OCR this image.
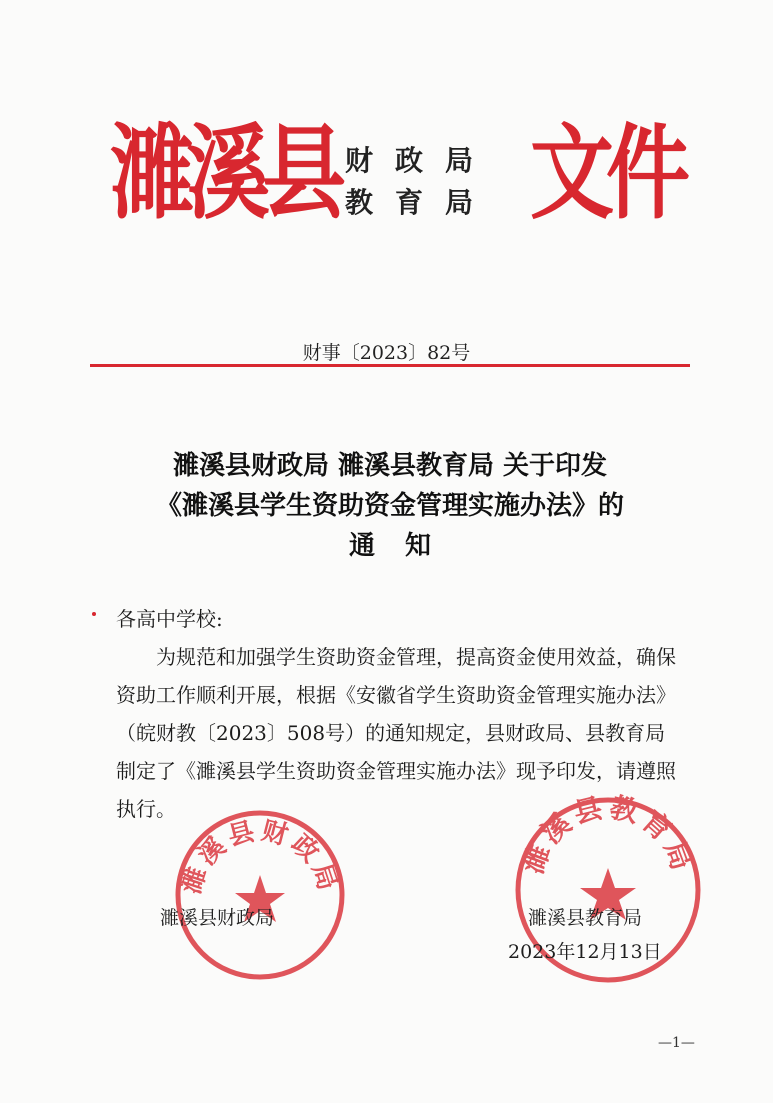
濉溪县 财政局
教育局 文件
财事〔2023〕82号
濉溪县财政局 濉溪县教育局 关于印发
《濉溪县学生资助资金管理实施办法》的
通知

各高中学校:

为规范和加强学生资助资金管理，提高资金使用效益，确保资助工作顺利开展，根据《安徽省学生资助资金管理实施办法》（皖财教〔2023〕508号）的通知规定，县财政局、县教育局制定了《濉溪县学生资助资金管理实施办法》现予印发，请遵照执行。

濉溪县财政局
濉溪县教育局
濉溪县财政局	濉溪县教育局
2023年12月13日
—1—
